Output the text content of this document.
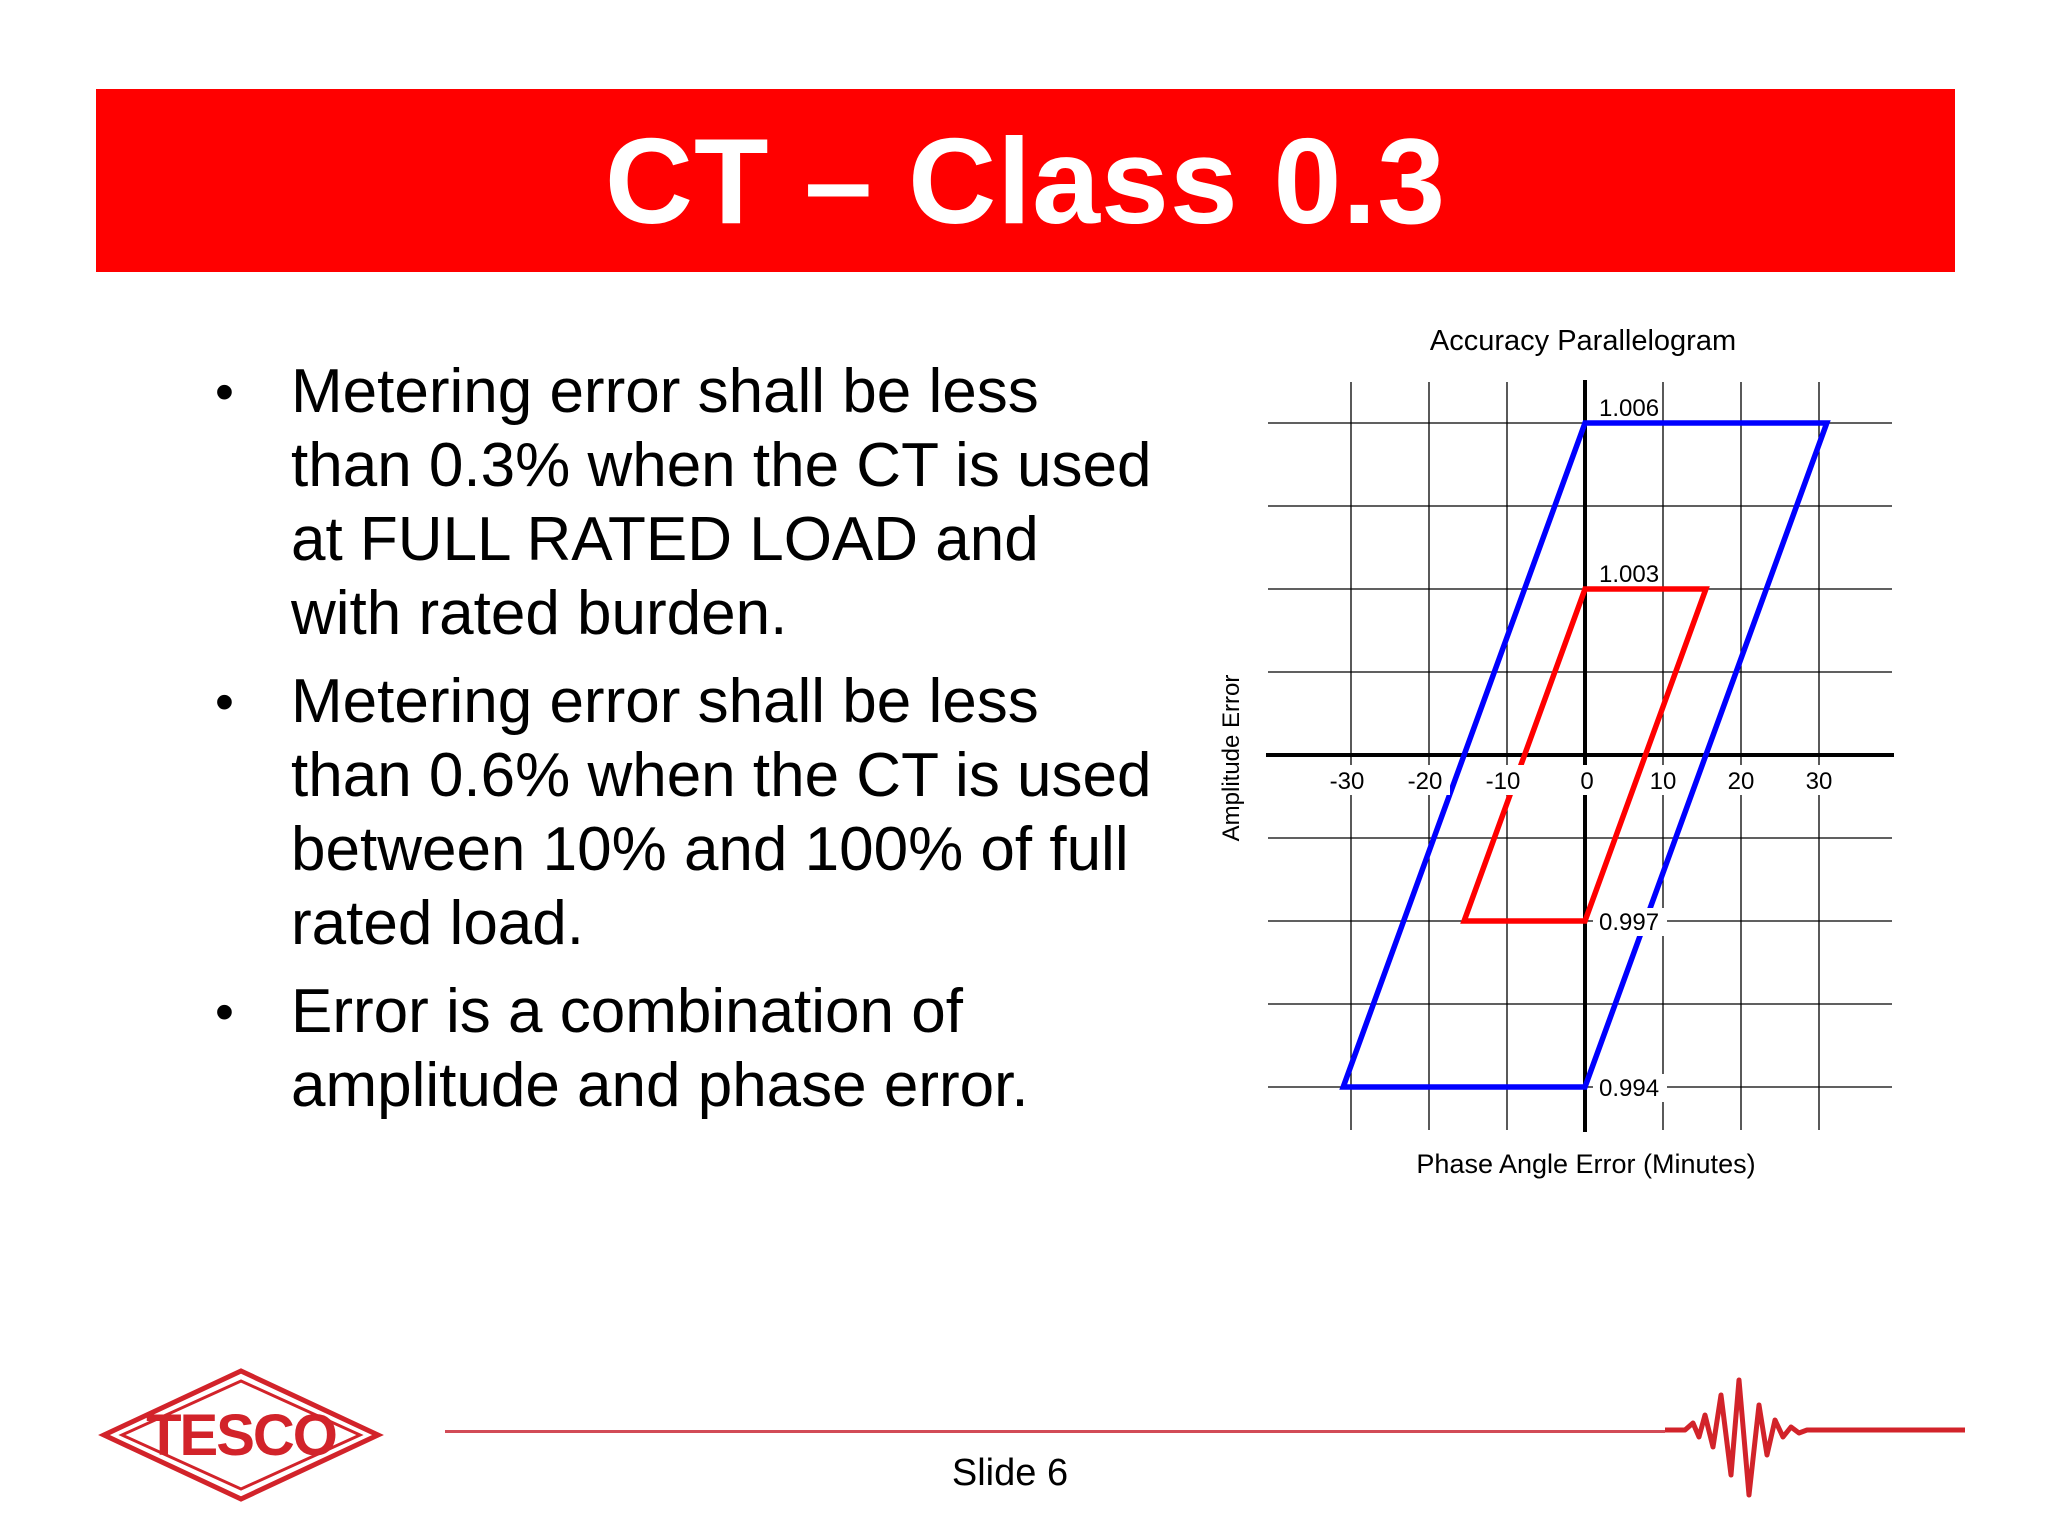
CT – Class 0.3
• Metering error shall be less than 0.3% when the CT is used at FULL RATED LOAD and with rated burden.
• Metering error shall be less than 0.6% when the CT is used between 10% and 100% of full rated load.
• Error is a combination of amplitude and phase error.
Accuracy Parallelogram
Phase Angle Error (Minutes)
Amplitude Error	-30 -20 -10 0 10 20 30
1.006
1.003
0.997
0.994
TESCO
Slide 6
